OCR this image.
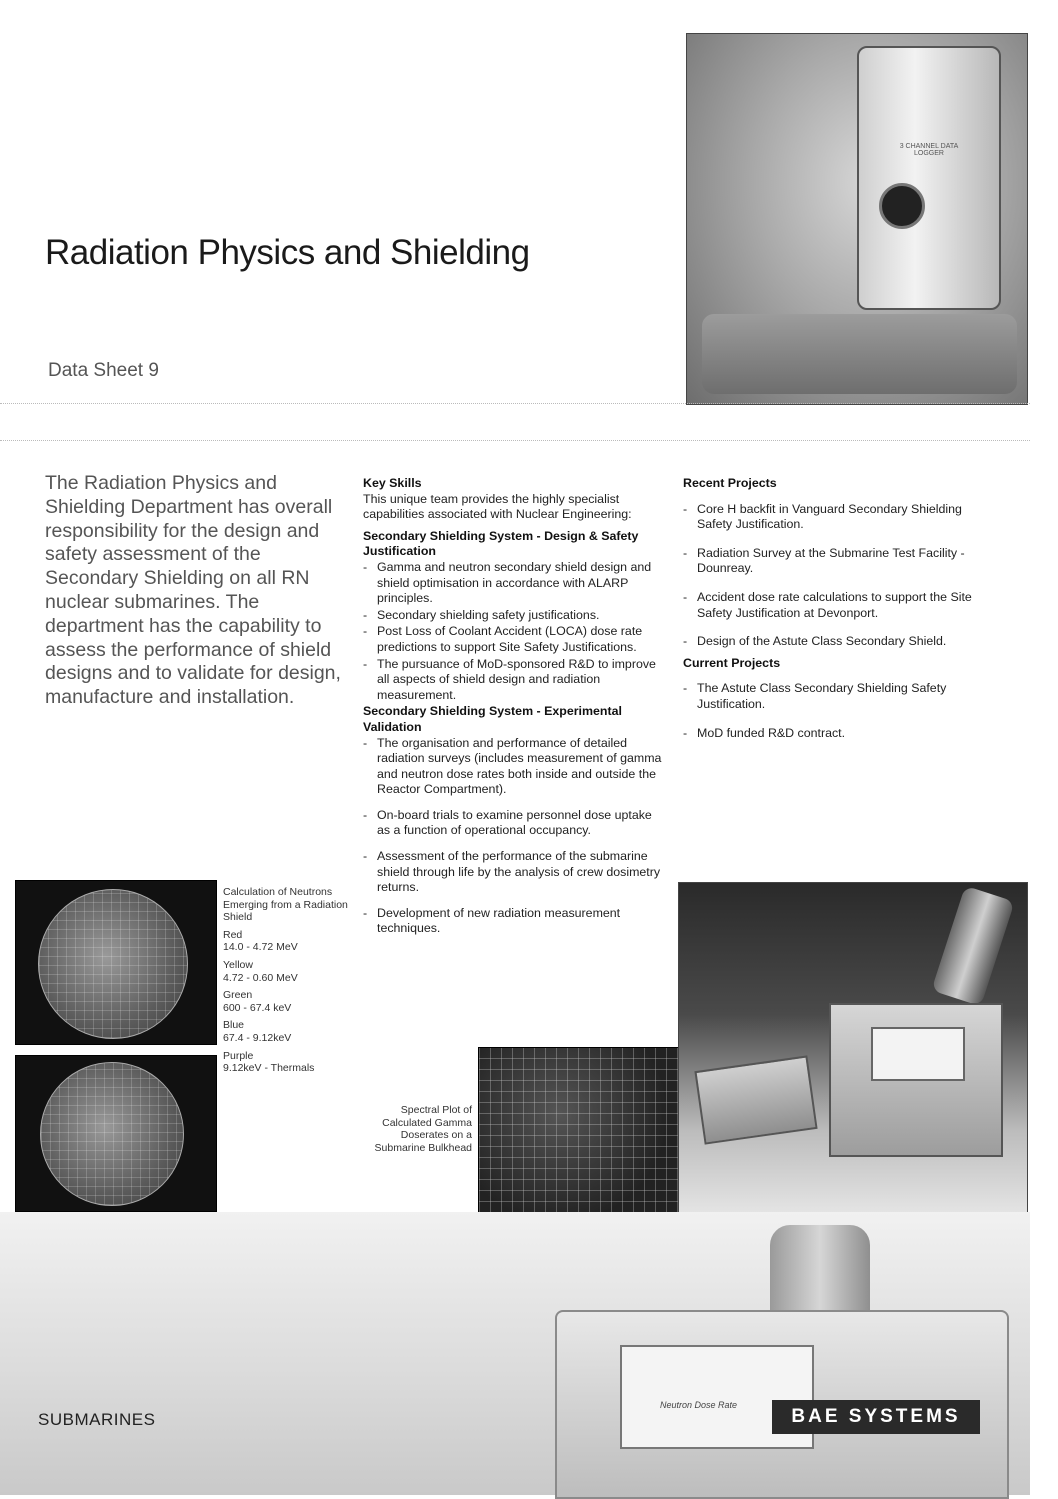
3 CHANNEL DATA LOGGER
Radiation Physics and Shielding
Data Sheet 9
The Radiation Physics and Shielding Department has overall responsibility for the design and safety assessment of the Secondary Shielding on all RN nuclear submarines. The department has the capability to assess the performance of shield designs and to validate for design, manufacture and installation.
Key Skills

This unique team provides the highly specialist capabilities associated with Nuclear Engineering:

Secondary Shielding System - Design & Safety Justification
- Gamma and neutron secondary shield design and shield optimisation in accordance with ALARP principles.
- Secondary shielding safety justifications.
- Post Loss of Coolant Accident (LOCA) dose rate predictions to support Site Safety Justifications.
- The pursuance of MoD-sponsored R&D to improve all aspects of shield design and radiation measurement.
Secondary Shielding System - Experimental Validation
- The organisation and performance of detailed radiation surveys (includes measurement of gamma and neutron dose rates both inside and outside the Reactor Compartment).
- On-board trials to examine personnel dose uptake as a function of operational occupancy.
- Assessment of the performance of the submarine shield through life by the analysis of crew dosimetry returns.
- Development of new radiation measurement techniques.
Recent Projects
- Core H backfit in Vanguard Secondary Shielding Safety Justification.
- Radiation Survey at the Submarine Test Facility - Dounreay.
- Accident dose rate calculations to support the Site Safety Justification at Devonport.
- Design of the Astute Class Secondary Shield.
Current Projects
- The Astute Class Secondary Shielding Safety Justification.
- MoD funded R&D contract.
Calculation of Neutrons Emerging from a Radiation Shield
Red
14.0 - 4.72 MeV
Yellow
4.72 - 0.60 MeV
Green
600 - 67.4 keV
Blue
67.4 - 9.12keV
Purple
9.12keV - Thermals
Spectral Plot of Calculated Gamma Doserates on a Submarine Bulkhead
Neutron Dose Rate
SUBMARINES	BAE SYSTEMS
